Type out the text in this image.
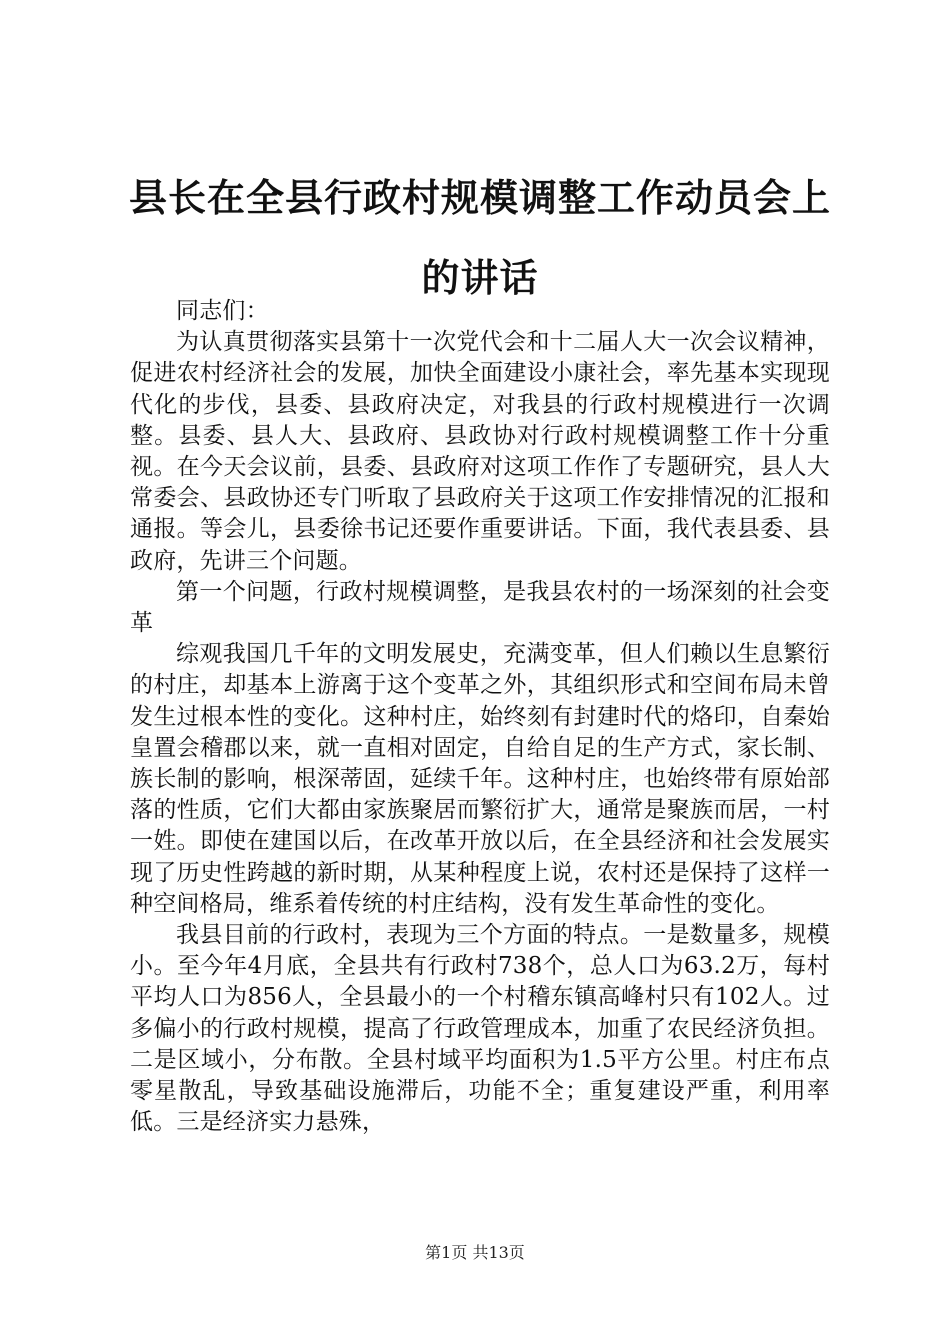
县长在全县行政村规模调整工作动员会上的讲话

同志们：

为认真贯彻落实县第十一次党代会和十二届人大一次会议精神，促进农村经济社会的发展，加快全面建设小康社会，率先基本实现现代化的步伐，县委、县政府决定，对我县的行政村规模进行一次调整。县委、县人大、县政府、县政协对行政村规模调整工作十分重视。在今天会议前，县委、县政府对这项工作作了专题研究，县人大常委会、县政协还专门听取了县政府关于这项工作安排情况的汇报和通报。等会儿，县委徐书记还要作重要讲话。下面，我代表县委、县政府，先讲三个问题。

第一个问题，行政村规模调整，是我县农村的一场深刻的社会变革

综观我国几千年的文明发展史，充满变革，但人们赖以生息繁衍的村庄，却基本上游离于这个变革之外，其组织形式和空间布局未曾发生过根本性的变化。这种村庄，始终刻有封建时代的烙印，自秦始皇置会稽郡以来，就一直相对固定，自给自足的生产方式，家长制、族长制的影响，根深蒂固，延续千年。这种村庄，也始终带有原始部落的性质，它们大都由家族聚居而繁衍扩大，通常是聚族而居，一村一姓。即使在建国以后，在改革开放以后，在全县经济和社会发展实现了历史性跨越的新时期，从某种程度上说，农村还是保持了这样一种空间格局，维系着传统的村庄结构，没有发生革命性的变化。

我县目前的行政村，表现为三个方面的特点。一是数量多，规模小。至今年4月底，全县共有行政村738个，总人口为63.2万，每村平均人口为856人，全县最小的一个村稽东镇高峰村只有102人。过多偏小的行政村规模，提高了行政管理成本，加重了农民经济负担。二是区域小，分布散。全县村域平均面积为1.5平方公里。村庄布点零星散乱，导致基础设施滞后，功能不全；重复建设严重，利用率低。三是经济实力悬殊，

第1页 共13页
